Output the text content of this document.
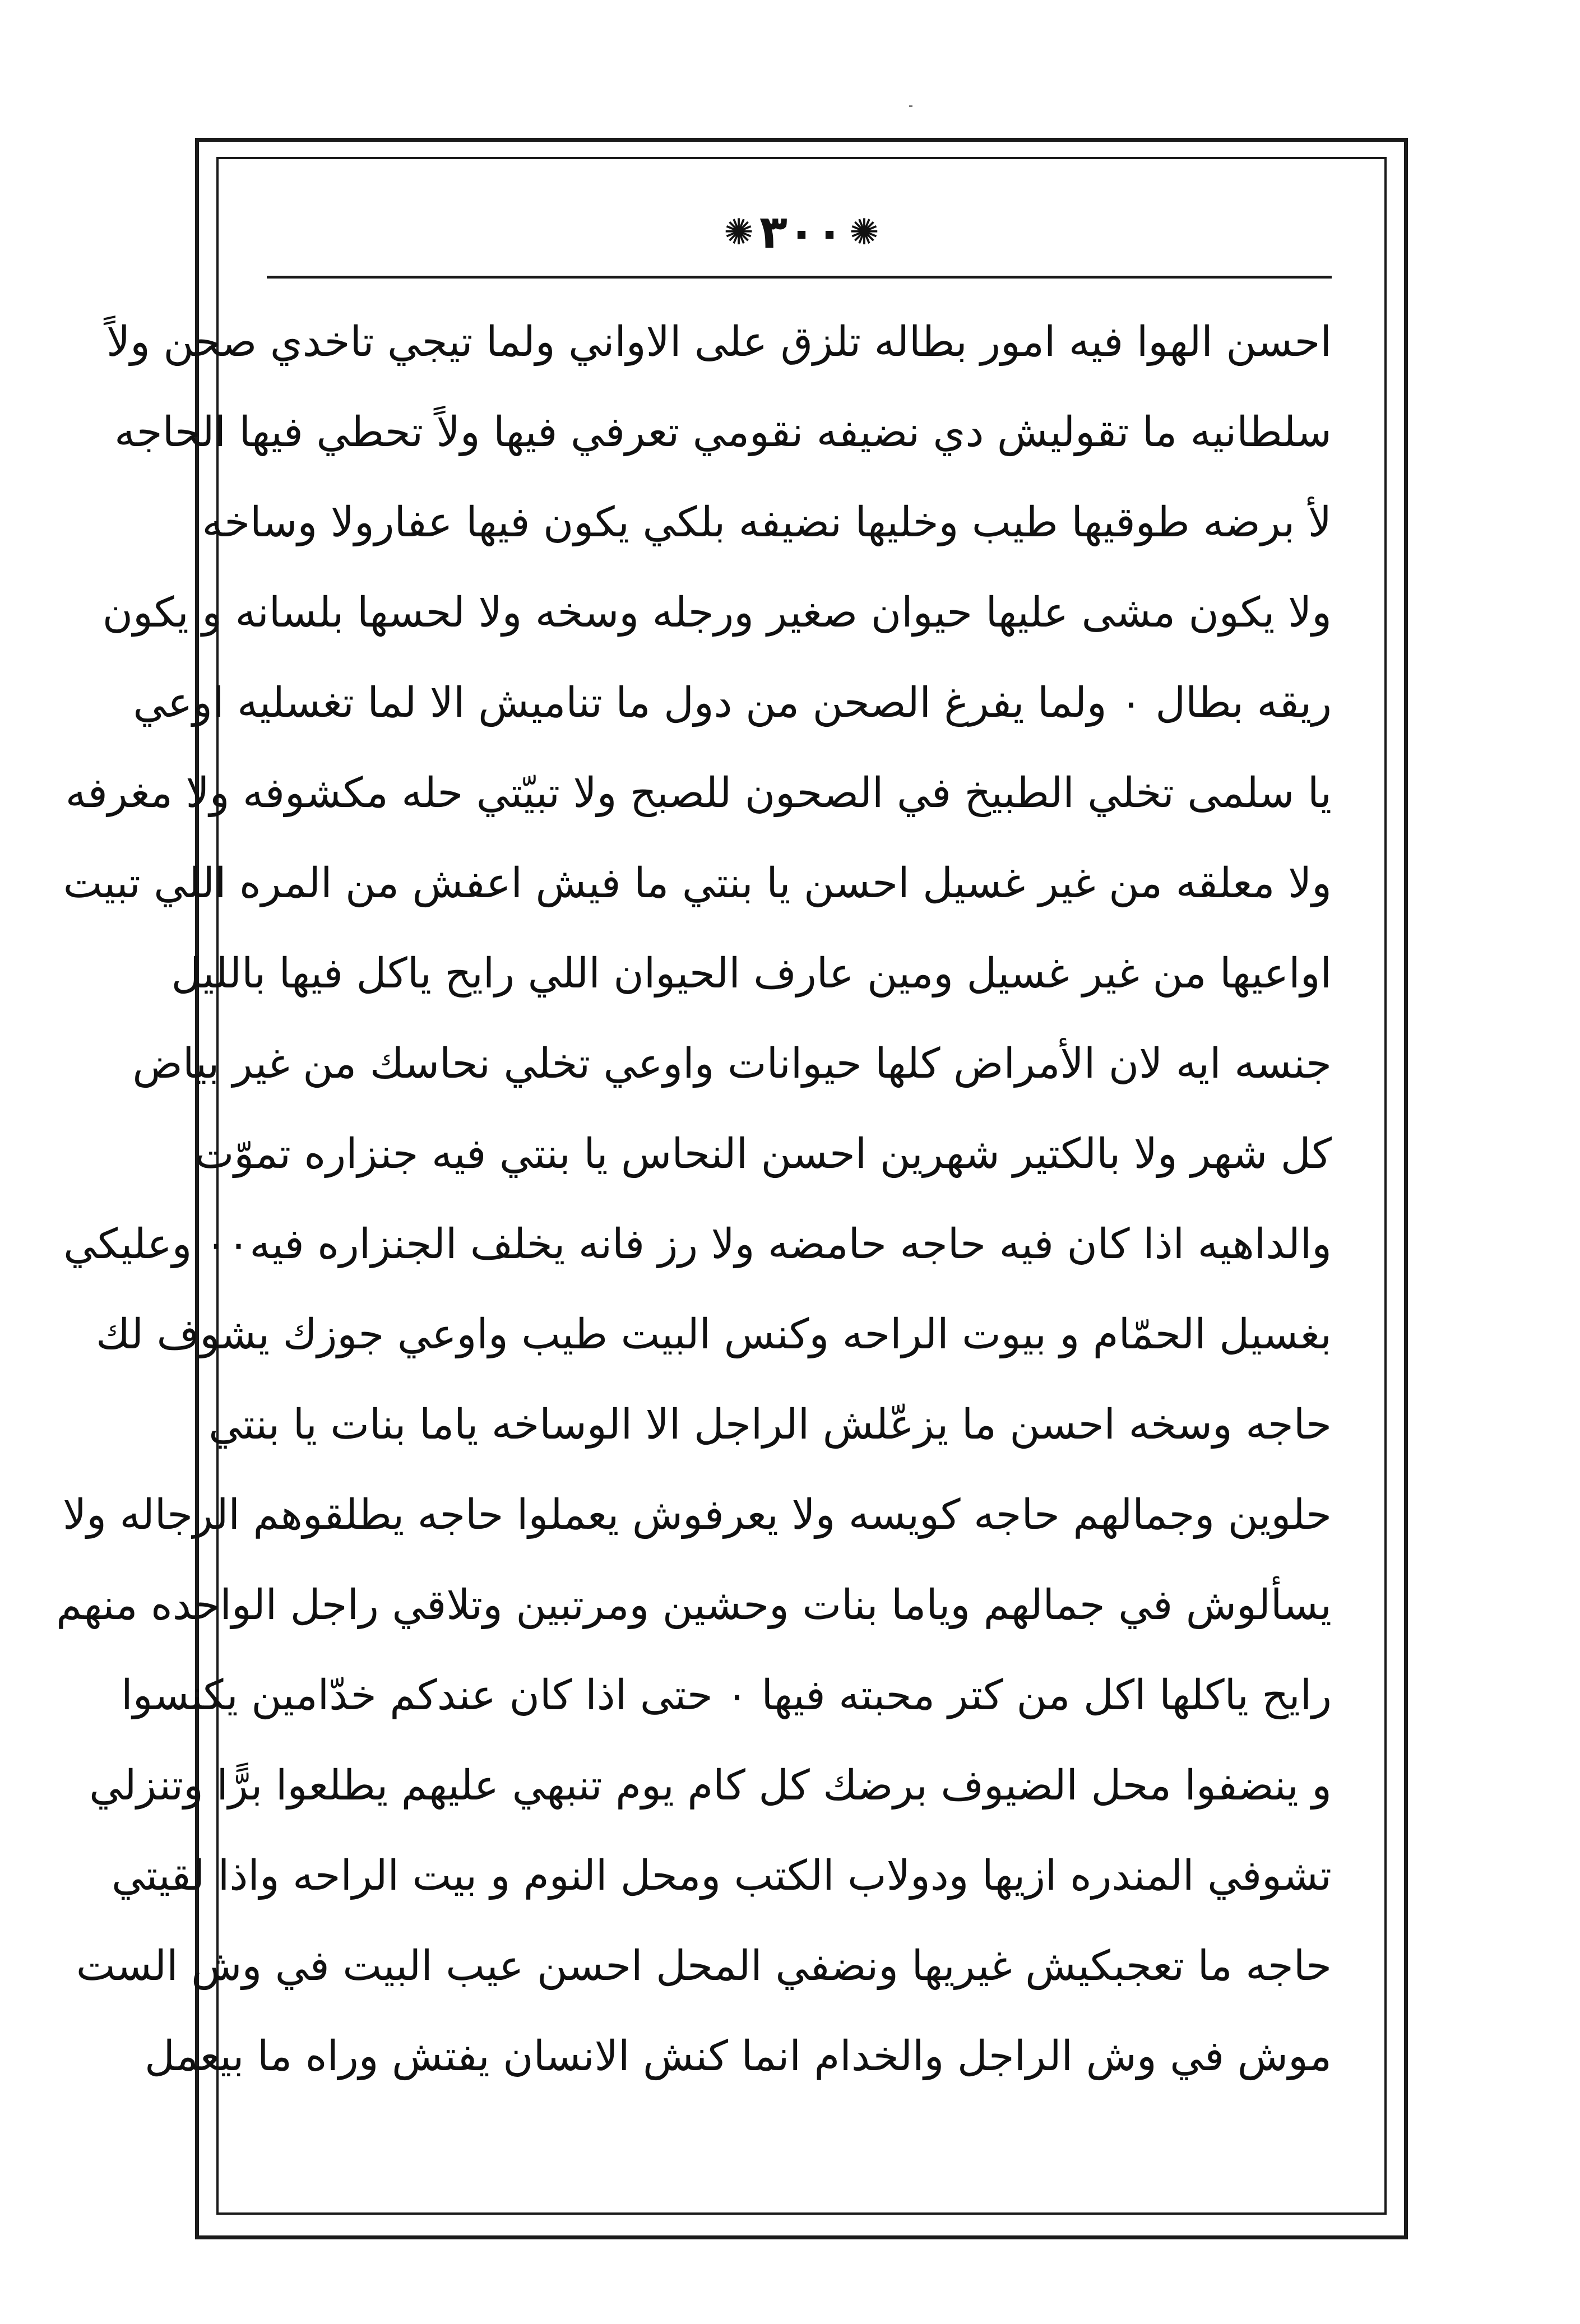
✺
٣٠٠
✺
احسن الهوا فيه امور بطاله تلزق على الاواني ولما تيجي تاخدي صحن ولاً
سلطانيه ما تقوليش دي نضيفه نقومي تعرفي فيها ولاً تحطي فيها الحاجه
لأ برضه طوقيها طيب وخليها نضيفه بلكي يكون فيها عفارولا وساخه
ولا يكون مشى عليها حيوان صغير ورجله وسخه ولا لحسها بلسانه و يكون
ريقه بطال ٠ ولما يفرغ الصحن من دول ما تناميش الا لما تغسليه اوعي
يا سلمى تخلي الطبيخ في الصحون للصبح ولا تبيّتي حله مكشوفه ولا مغرفه
ولا معلقه من غير غسيل احسن يا بنتي ما فيش اعفش من المره اللي تبيت
اواعيها من غير غسيل ومين عارف الحيوان اللي رايح ياكل فيها بالليل
جنسه ايه لان الأمراض كلها حيوانات واوعي تخلي نحاسك من غير بياض
كل شهر ولا بالكتير شهرين احسن النحاس يا بنتي فيه جنزاره تموّت
والداهيه اذا كان فيه حاجه حامضه ولا رز فانه يخلف الجنزاره فيه٠٠ وعليكي
بغسيل الحمّام و بيوت الراحه وكنس البيت طيب واوعي جوزك يشوف لك
حاجه وسخه احسن ما يزعّلش الراجل الا الوساخه ياما بنات يا بنتي
حلوين وجمالهم حاجه كويسه ولا يعرفوش يعملوا حاجه يطلقوهم الرجاله ولا
يسألوش في جمالهم وياما بنات وحشين ومرتبين وتلاقي راجل الواحده منهم
رايح ياكلها اكل من كتر محبته فيها ٠ حتى اذا كان عندكم خدّامين يكنسوا
و ينضفوا محل الضيوف برضك كل كام يوم تنبهي عليهم يطلعوا برًّا وتنزلي
تشوفي المندره ازيها ودولاب الكتب ومحل النوم و بيت الراحه واذا لقيتي
حاجه ما تعجبكيش غيريها ونضفي المحل احسن عيب البيت في وش الست
موش في وش الراجل والخدام انما كنش الانسان يفتش وراه ما بيعمل
